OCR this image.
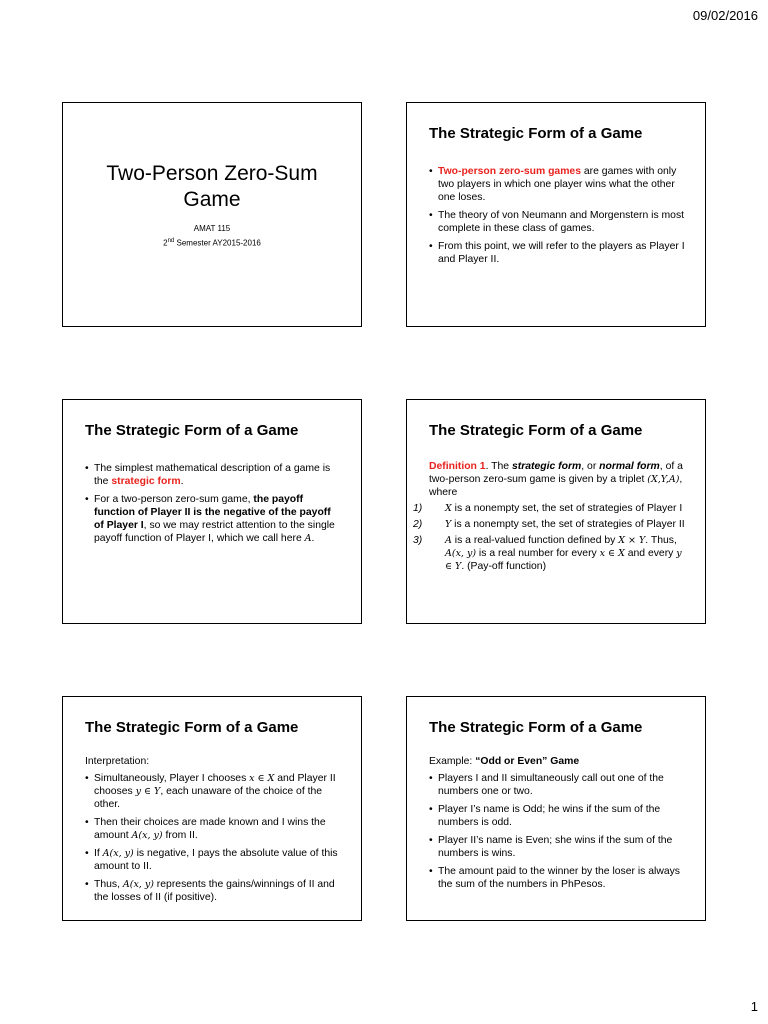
09/02/2016
Two-Person Zero-Sum
Game
AMAT 115
2nd Semester AY2015-2016
The Strategic Form of a Game
• Two-person zero-sum games are games with only two players in which one player wins what the other one loses.
• The theory of von Neumann and Morgenstern is most complete in these class of games.
• From this point, we will refer to the players as Player I and Player II.
The Strategic Form of a Game
• The simplest mathematical description of a game is the strategic form.
• For a two-person zero-sum game, the payoff function of Player II is the negative of the payoff of Player I, so we may restrict attention to the single payoff function of Player I, which we call here A.
The Strategic Form of a Game
Definition 1. The strategic form, or normal form, of a two-person zero-sum game is given by a triplet (X,Y,A), where
1) X is a nonempty set, the set of strategies of Player I
2) Y is a nonempty set, the set of strategies of Player II
3) A is a real-valued function defined by X × Y. Thus, A(x, y) is a real number for every x ∈ X and every y ∈ Y. (Pay-off function)
The Strategic Form of a Game
Interpretation:
• Simultaneously, Player I chooses x ∈ X and Player II chooses y ∈ Y, each unaware of the choice of the other.
• Then their choices are made known and I wins the amount A(x, y) from II.
• If A(x, y) is negative, I pays the absolute value of this amount to II.
• Thus, A(x, y) represents the gains/winnings of II and the losses of II (if positive).
The Strategic Form of a Game
Example: “Odd or Even” Game
• Players I and II simultaneously call out one of the numbers one or two.
• Player I’s name is Odd; he wins if the sum of the numbers is odd.
• Player II’s name is Even; she wins if the sum of the numbers is wins.
• The amount paid to the winner by the loser is always the sum of the numbers in PhPesos.
1
